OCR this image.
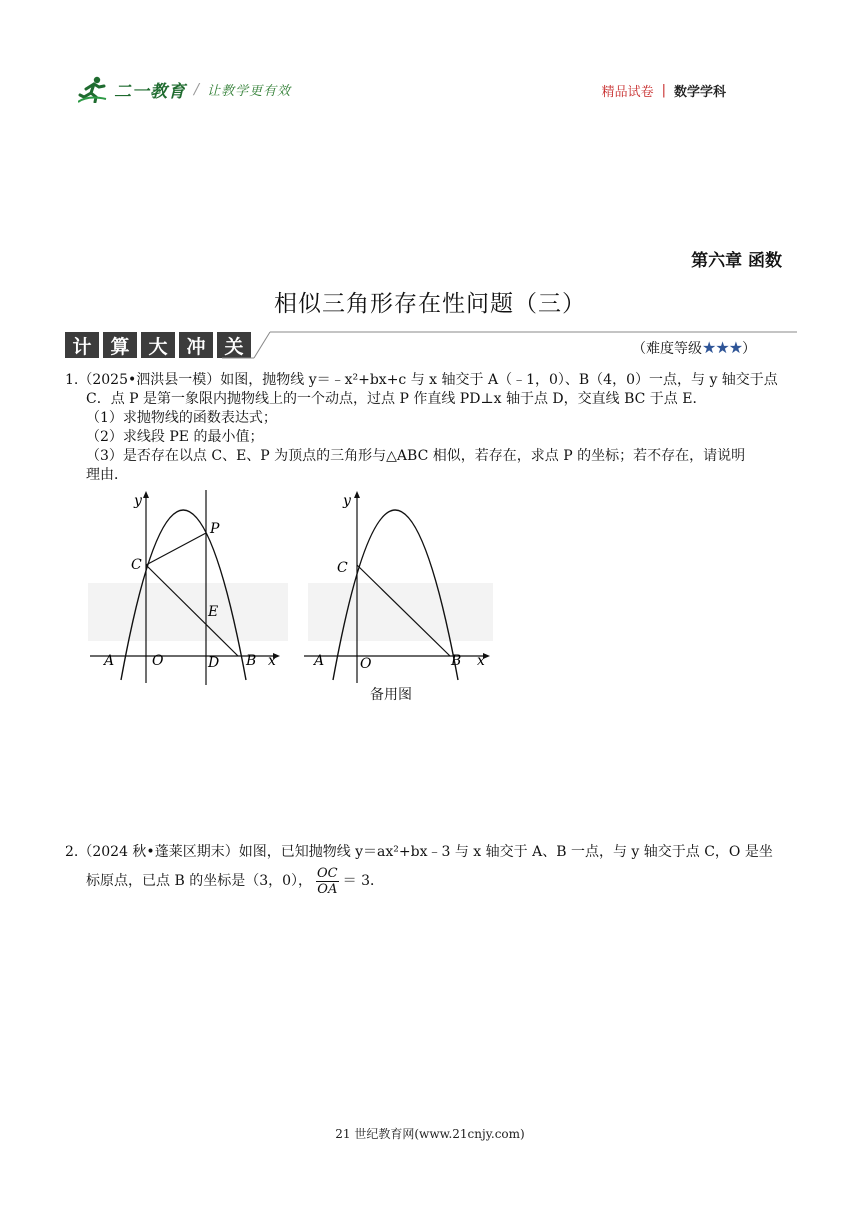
二一教育 / 让教学更有效	精品试卷 | 数学学科
第六章 函数
相似三角形存在性问题（三）
计 算 大 冲 关	（难度等级★★★）
1.（2025•泗洪县一模）如图，抛物线 y＝﹣x²+bx+c 与 x 轴交于 A（﹣1，0）、B（4，0）一点，与 y 轴交于点
C．点 P 是第一象限内抛物线上的一个动点，过点 P 作直线 PD⊥x 轴于点 D，交直线 BC 于点 E．
（1）求抛物线的函数表达式；
（2）求线段 PE 的最小值；
（3）是否存在以点 C、E、P 为顶点的三角形与△ABC 相似，若存在，求点 P 的坐标；若不存在，请说明
理由．
y
x
A	O	D B
C
P
E
y
x
A	O	B
C
备用图
2.（2024 秋•蓬莱区期末）如图，已知抛物线 y＝ax²+bx﹣3 与 x 轴交于 A、B 一点，与 y 轴交于点 C，O 是坐
标原点，已点 B 的坐标是（3，0）， $\frac{OC}{OA} = 3$．
21 世纪教育网(www.21cnjy.com)
